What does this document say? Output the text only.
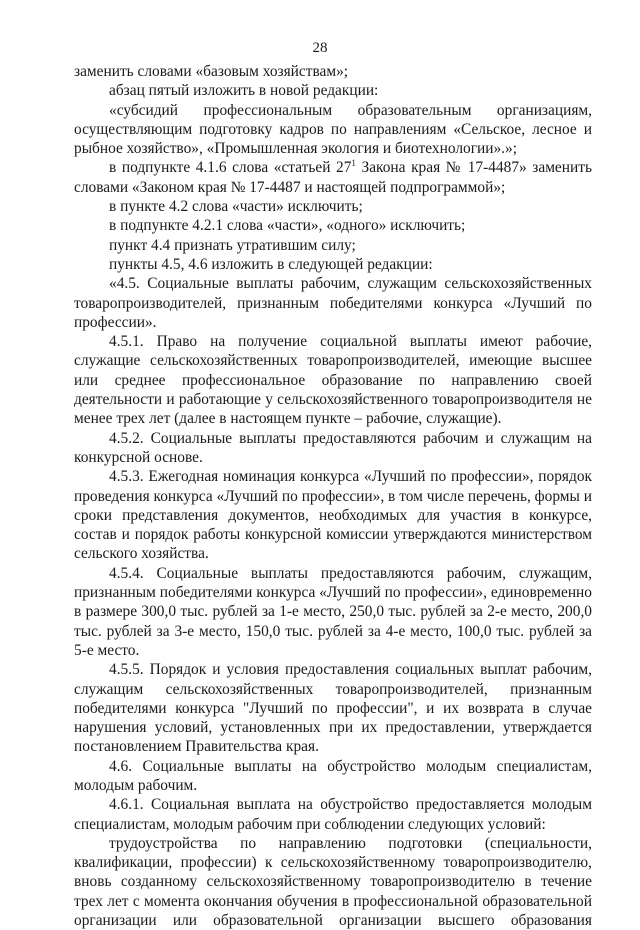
28

заменить словами «базовым хозяйствам»;

абзац пятый изложить в новой редакции:

«субсидий профессиональным образовательным организациям, осуществляющим подготовку кадров по направлениям «Сельское, лесное и рыбное хозяйство», «Промышленная экология и биотехнологии».»;

в подпункте 4.1.6 слова «статьей $27^1$ Закона края № 17-4487» заменить словами «Законом края № 17-4487 и настоящей подпрограммой»;

в пункте 4.2 слова «части» исключить;

в подпункте 4.2.1 слова «части», «одного» исключить;

пункт 4.4 признать утратившим силу;

пункты 4.5, 4.6 изложить в следующей редакции:

«4.5. Социальные выплаты рабочим, служащим сельскохозяйственных товаропроизводителей, признанным победителями конкурса «Лучший по профессии».

4.5.1. Право на получение социальной выплаты имеют рабочие, служащие сельскохозяйственных товаропроизводителей, имеющие высшее или среднее профессиональное образование по направлению своей деятельности и работающие у сельскохозяйственного товаропроизводителя не менее трех лет (далее в настоящем пункте – рабочие, служащие).

4.5.2. Социальные выплаты предоставляются рабочим и служащим на конкурсной основе.

4.5.3. Ежегодная номинация конкурса «Лучший по профессии», порядок проведения конкурса «Лучший по профессии», в том числе перечень, формы и сроки представления документов, необходимых для участия в конкурсе, состав и порядок работы конкурсной комиссии утверждаются министерством сельского хозяйства.

4.5.4. Социальные выплаты предоставляются рабочим, служащим, признанным победителями конкурса «Лучший по профессии», единовременно в размере 300,0 тыс. рублей за 1-е место, 250,0 тыс. рублей за 2-е место, 200,0 тыс. рублей за 3-е место, 150,0 тыс. рублей за 4-е место, 100,0 тыс. рублей за 5-е место.

4.5.5. Порядок и условия предоставления социальных выплат рабочим, служащим сельскохозяйственных товаропроизводителей, признанным победителями конкурса "Лучший по профессии", и их возврата в случае нарушения условий, установленных при их предоставлении, утверждается постановлением Правительства края.

4.6. Социальные выплаты на обустройство молодым специалистам, молодым рабочим.

4.6.1. Социальная выплата на обустройство предоставляется молодым специалистам, молодым рабочим при соблюдении следующих условий:

трудоустройства по направлению подготовки (специальности, квалификации, профессии) к сельскохозяйственному товаропроизводителю, вновь созданному сельскохозяйственному товаропроизводителю в течение трех лет с момента окончания обучения в профессиональной образовательной организации или образовательной организации высшего образования
